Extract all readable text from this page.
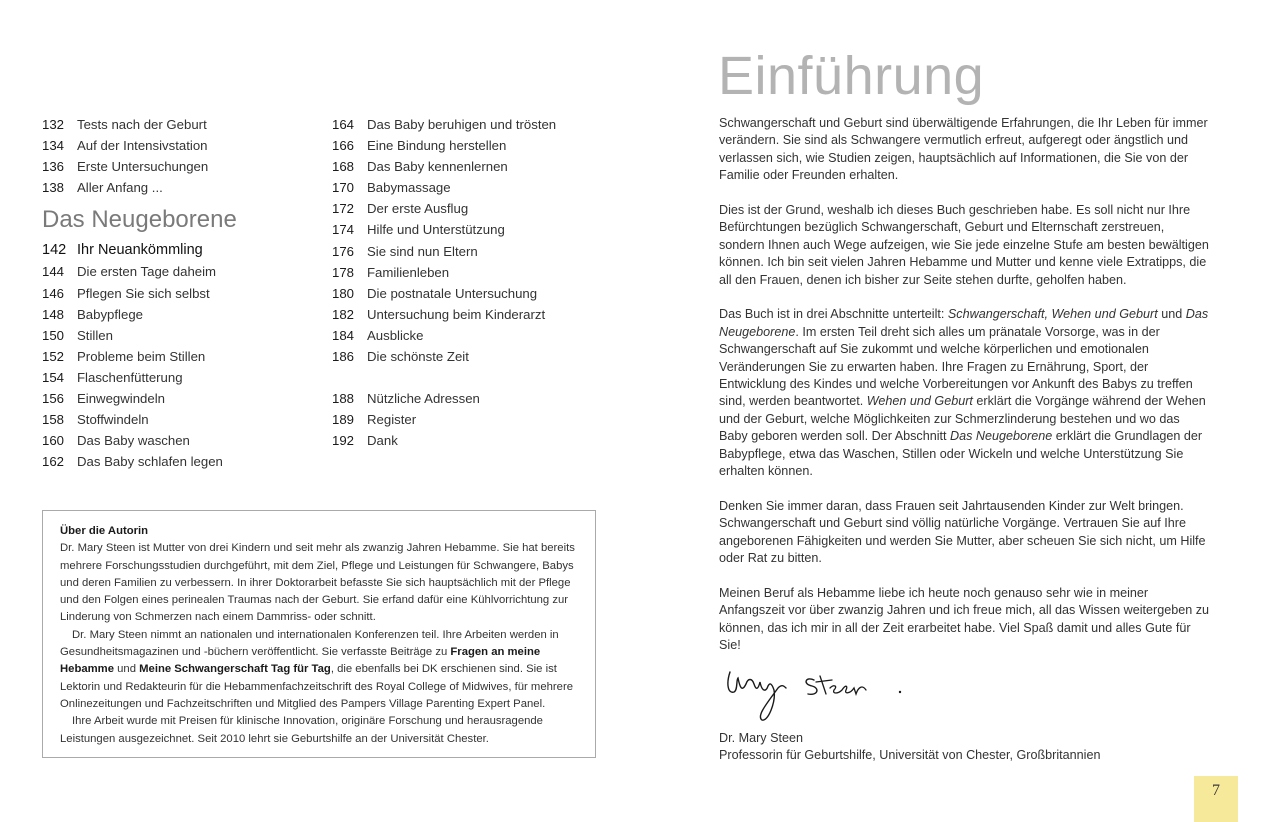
132 Tests nach der Geburt
134 Auf der Intensivstation
136 Erste Untersuchungen
138 Aller Anfang ...
Das Neugeborene
142 Ihr Neuankömmling
144 Die ersten Tage daheim
146 Pflegen Sie sich selbst
148 Babypflege
150 Stillen
152 Probleme beim Stillen
154 Flaschenfütterung
156 Einwegwindeln
158 Stoffwindeln
160 Das Baby waschen
162 Das Baby schlafen legen
164 Das Baby beruhigen und trösten
166 Eine Bindung herstellen
168 Das Baby kennenlernen
170 Babymassage
172 Der erste Ausflug
174 Hilfe und Unterstützung
176 Sie sind nun Eltern
178 Familienleben
180 Die postnatale Untersuchung
182 Untersuchung beim Kinderarzt
184 Ausblicke
186 Die schönste Zeit
188 Nützliche Adressen
189 Register
192 Dank

Über die Autorin

Dr. Mary Steen ist Mutter von drei Kindern und seit mehr als zwanzig Jahren Hebamme. Sie hat bereits mehrere Forschungsstudien durchgeführt, mit dem Ziel, Pflege und Leistungen für Schwangere, Babys und deren Familien zu verbessern. In ihrer Doktorarbeit befasste Sie sich hauptsächlich mit der Pflege und den Folgen eines perinealen Traumas nach der Geburt. Sie erfand dafür eine Kühlvorrichtung zur Linderung von Schmerzen nach einem Dammriss- oder schnitt.

Dr. Mary Steen nimmt an nationalen und internationalen Konferenzen teil. Ihre Arbeiten werden in Gesundheitsmagazinen und -büchern veröffentlicht. Sie verfasste Beiträge zu Fragen an meine Hebamme und Meine Schwangerschaft Tag für Tag, die ebenfalls bei DK erschienen sind. Sie ist Lektorin und Redakteurin für die Hebammenfachzeitschrift des Royal College of Midwives, für mehrere Onlinezeitungen und Fachzeitschriften und Mitglied des Pampers Village Parenting Expert Panel.

Ihre Arbeit wurde mit Preisen für klinische Innovation, originäre Forschung und herausragende Leistungen ausgezeichnet. Seit 2010 lehrt sie Geburtshilfe an der Universität Chester.

Einführung

Schwangerschaft und Geburt sind überwältigende Erfahrungen, die Ihr Leben für immer verändern. Sie sind als Schwangere vermutlich erfreut, aufgeregt oder ängstlich und verlassen sich, wie Studien zeigen, hauptsächlich auf Informationen, die Sie von der Familie oder Freunden erhalten.

Dies ist der Grund, weshalb ich dieses Buch geschrieben habe. Es soll nicht nur Ihre Befürchtungen bezüglich Schwangerschaft, Geburt und Elternschaft zerstreuen, sondern Ihnen auch Wege aufzeigen, wie Sie jede einzelne Stufe am besten bewältigen können. Ich bin seit vielen Jahren Hebamme und Mutter und kenne viele Extratipps, die all den Frauen, denen ich bisher zur Seite stehen durfte, geholfen haben.

Das Buch ist in drei Abschnitte unterteilt: Schwangerschaft, Wehen und Geburt und Das Neugeborene. Im ersten Teil dreht sich alles um pränatale Vorsorge, was in der Schwangerschaft auf Sie zukommt und welche körperlichen und emotionalen Veränderungen Sie zu erwarten haben. Ihre Fragen zu Ernährung, Sport, der Entwicklung des Kindes und welche Vorbereitungen vor Ankunft des Babys zu treffen sind, werden beantwortet. Wehen und Geburt erklärt die Vorgänge während der Wehen und der Geburt, welche Möglichkeiten zur Schmerzlinderung bestehen und wo das Baby geboren werden soll. Der Abschnitt Das Neugeborene erklärt die Grundlagen der Babypflege, etwa das Waschen, Stillen oder Wickeln und welche Unterstützung Sie erhalten können.

Denken Sie immer daran, dass Frauen seit Jahrtausenden Kinder zur Welt bringen. Schwangerschaft und Geburt sind völlig natürliche Vorgänge. Vertrauen Sie auf Ihre angeborenen Fähigkeiten und werden Sie Mutter, aber scheuen Sie sich nicht, um Hilfe oder Rat zu bitten.

Meinen Beruf als Hebamme liebe ich heute noch genauso sehr wie in meiner Anfangszeit vor über zwanzig Jahren und ich freue mich, all das Wissen weitergeben zu können, das ich mir in all der Zeit erarbeitet habe. Viel Spaß damit und alles Gute für Sie!

Dr. Mary Steen
Professorin für Geburtshilfe, Universität von Chester, Großbritannien
7
